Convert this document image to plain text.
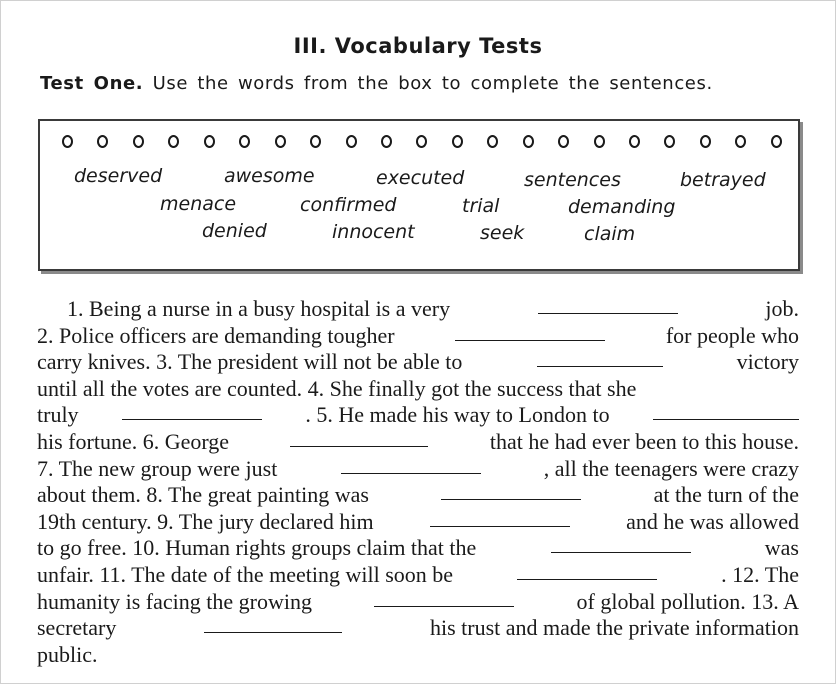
III. Vocabulary Tests
Test One. Use the words from the box to complete the sentences.
deserved	awesome	executed	sentences	betrayed
menace	confirmed	trial	demanding
denied	innocent	seek	claim
1. Being a nurse in a busy hospital is a very	job.
2. Police officers are demanding tougher	for people who
carry knives. 3. The president will not be able to	victory
until all the votes are counted. 4. She finally got the success that she
truly	. 5. He made his way to London to
his fortune. 6. George	that he had ever been to this house.
7. The new group were just	, all the teenagers were crazy
about them. 8. The great painting was	at the turn of the
19th century. 9. The jury declared him	and he was allowed
to go free. 10. Human rights groups claim that the	was
unfair. 11. The date of the meeting will soon be	. 12. The
humanity is facing the growing	of global pollution. 13. A
secretary	his trust and made the private information
public.
